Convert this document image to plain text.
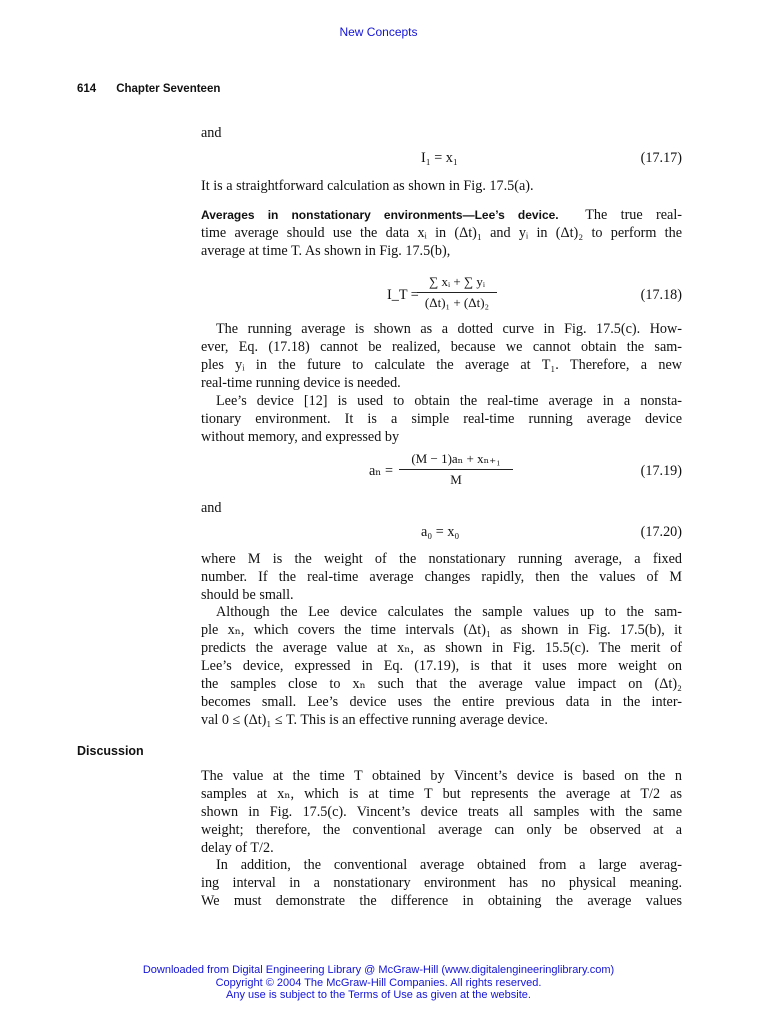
New Concepts
614 Chapter Seventeen
and
I₁ = x₁	(17.17)
It is a straightforward calculation as shown in Fig. 17.5(a).
Averages in nonstationary environments—Lee’s device. The true real-
time average should use the data xᵢ in (Δt)₁ and yᵢ in (Δt)₂ to perform the
average at time T. As shown in Fig. 17.5(b),
I_T =
$\frac{\text{∑ xᵢ + ∑ yᵢ}}{\text{(Δt)₁ + (Δt)₂}}$	(17.18)
The running average is shown as a dotted curve in Fig. 17.5(c). How-
ever, Eq. (17.18) cannot be realized, because we cannot obtain the sam-
ples yᵢ in the future to calculate the average at T₁. Therefore, a new
real-time running device is needed.
Lee’s device [12] is used to obtain the real-time average in a nonsta-
tionary environment. It is a simple real-time running average device
without memory, and expressed by
$a_n = \frac{\text{(M − 1)aₙ + xₙ₊₁}}{M}$	(17.19)
and
a₀ = x₀	(17.20)
where M is the weight of the nonstationary running average, a fixed
number. If the real-time average changes rapidly, then the values of M
should be small.
Although the Lee device calculates the sample values up to the sam-
ple xₙ, which covers the time intervals (Δt)₁ as shown in Fig. 17.5(b), it
predicts the average value at xₙ, as shown in Fig. 15.5(c). The merit of
Lee’s device, expressed in Eq. (17.19), is that it uses more weight on
the samples close to xₙ such that the average value impact on (Δt)₂
becomes small. Lee’s device uses the entire previous data in the inter-
val 0 ≤ (Δt)₁ ≤ T. This is an effective running average device.
Discussion
The value at the time T obtained by Vincent’s device is based on the n
samples at xₙ, which is at time T but represents the average at T/2 as
shown in Fig. 17.5(c). Vincent’s device treats all samples with the same
weight; therefore, the conventional average can only be observed at a
delay of T/2.
In addition, the conventional average obtained from a large averag-
ing interval in a nonstationary environment has no physical meaning.
We must demonstrate the difference in obtaining the average values
Downloaded from Digital Engineering Library @ McGraw-Hill (www.digitalengineeringlibrary.com)
Copyright © 2004 The McGraw-Hill Companies. All rights reserved.
Any use is subject to the Terms of Use as given at the website.
